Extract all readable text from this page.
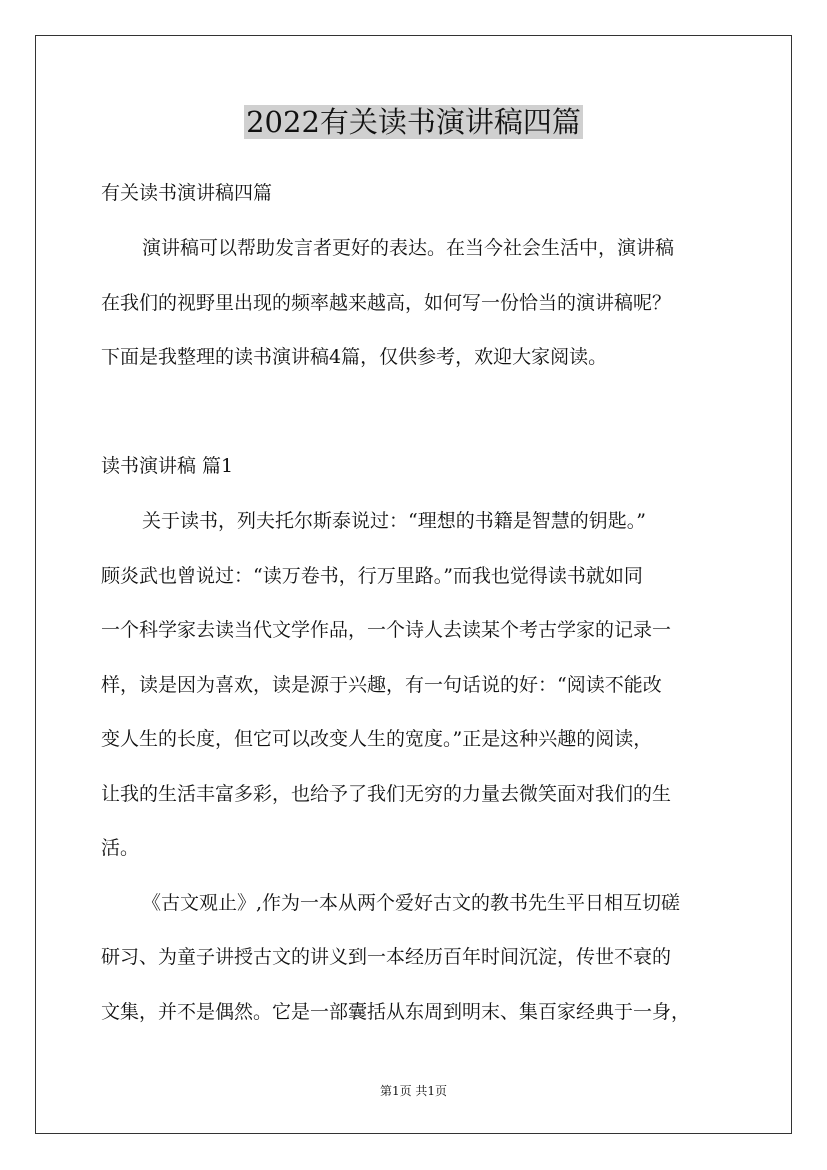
2022有关读书演讲稿四篇
有关读书演讲稿四篇
演讲稿可以帮助发言者更好的表达。在当今社会生活中，演讲稿
在我们的视野里出现的频率越来越高，如何写一份恰当的演讲稿呢？
下面是我整理的读书演讲稿4篇，仅供参考，欢迎大家阅读。
读书演讲稿 篇1
关于读书，列夫托尔斯泰说过：“理想的书籍是智慧的钥匙。”
顾炎武也曾说过：“读万卷书，行万里路。”而我也觉得读书就如同
一个科学家去读当代文学作品，一个诗人去读某个考古学家的记录一
样，读是因为喜欢，读是源于兴趣，有一句话说的好：“阅读不能改
变人生的长度，但它可以改变人生的宽度。”正是这种兴趣的阅读，
让我的生活丰富多彩，也给予了我们无穷的力量去微笑面对我们的生
活。
《古文观止》,作为一本从两个爱好古文的教书先生平日相互切磋
研习、为童子讲授古文的讲义到一本经历百年时间沉淀，传世不衰的
文集，并不是偶然。它是一部囊括从东周到明末、集百家经典于一身，
第1页 共1页
